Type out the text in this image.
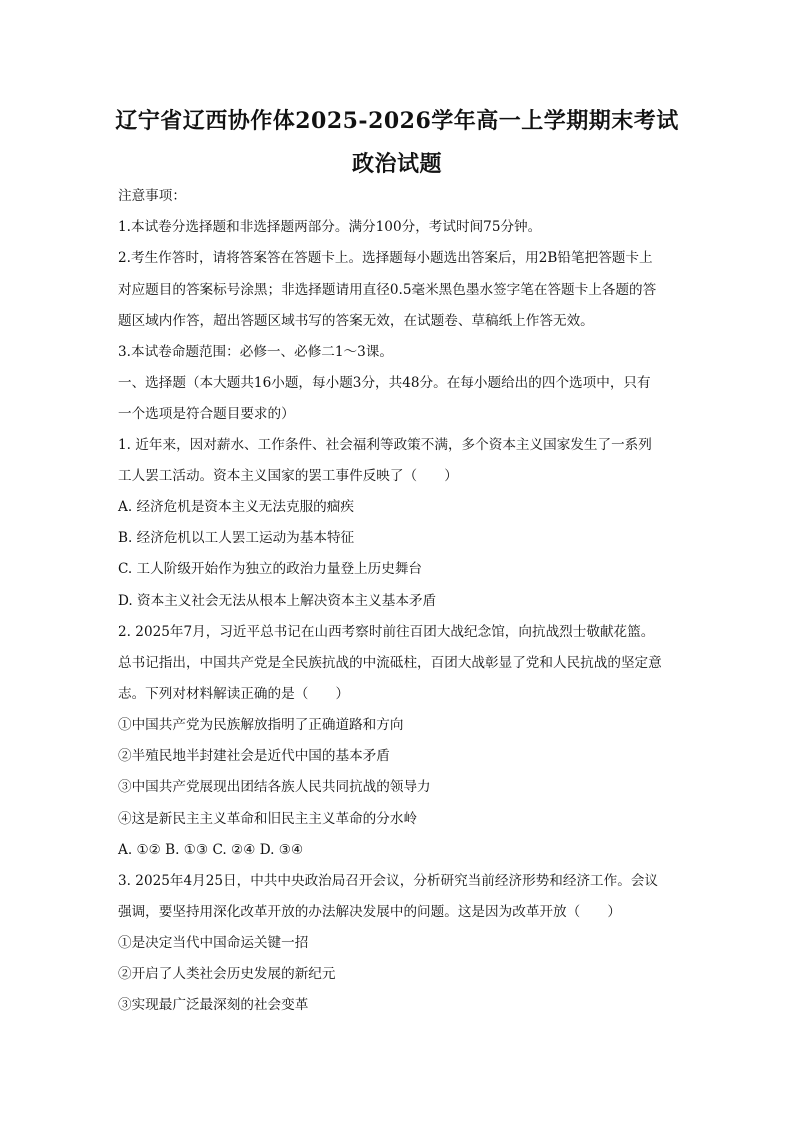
辽宁省辽西协作体2025-2026学年高一上学期期末考试
政治试题
注意事项：
1.本试卷分选择题和非选择题两部分。满分100分，考试时间75分钟。
2.考生作答时，请将答案答在答题卡上。选择题每小题选出答案后，用2B铅笔把答题卡上
对应题目的答案标号涂黑；非选择题请用直径0.5毫米黑色墨水签字笔在答题卡上各题的答
题区域内作答，超出答题区域书写的答案无效，在试题卷、草稿纸上作答无效。
3.本试卷命题范围：必修一、必修二1～3课。
一、选择题（本大题共16小题，每小题3分，共48分。在每小题给出的四个选项中，只有
一个选项是符合题目要求的）
1. 近年来，因对薪水、工作条件、社会福利等政策不满，多个资本主义国家发生了一系列
工人罢工活动。资本主义国家的罢工事件反映了（　　）
A. 经济危机是资本主义无法克服的痼疾
B. 经济危机以工人罢工运动为基本特征
C. 工人阶级开始作为独立的政治力量登上历史舞台
D. 资本主义社会无法从根本上解决资本主义基本矛盾
2. 2025年7月，习近平总书记在山西考察时前往百团大战纪念馆，向抗战烈士敬献花篮。
总书记指出，中国共产党是全民族抗战的中流砥柱，百团大战彰显了党和人民抗战的坚定意
志。下列对材料解读正确的是（　　）
①中国共产党为民族解放指明了正确道路和方向
②半殖民地半封建社会是近代中国的基本矛盾
③中国共产党展现出团结各族人民共同抗战的领导力
④这是新民主主义革命和旧民主主义革命的分水岭
A. ①② B. ①③ C. ②④ D. ③④
3. 2025年4月25日，中共中央政治局召开会议，分析研究当前经济形势和经济工作。会议
强调，要坚持用深化改革开放的办法解决发展中的问题。这是因为改革开放（　　）
①是决定当代中国命运关键一招
②开启了人类社会历史发展的新纪元
③实现最广泛最深刻的社会变革
